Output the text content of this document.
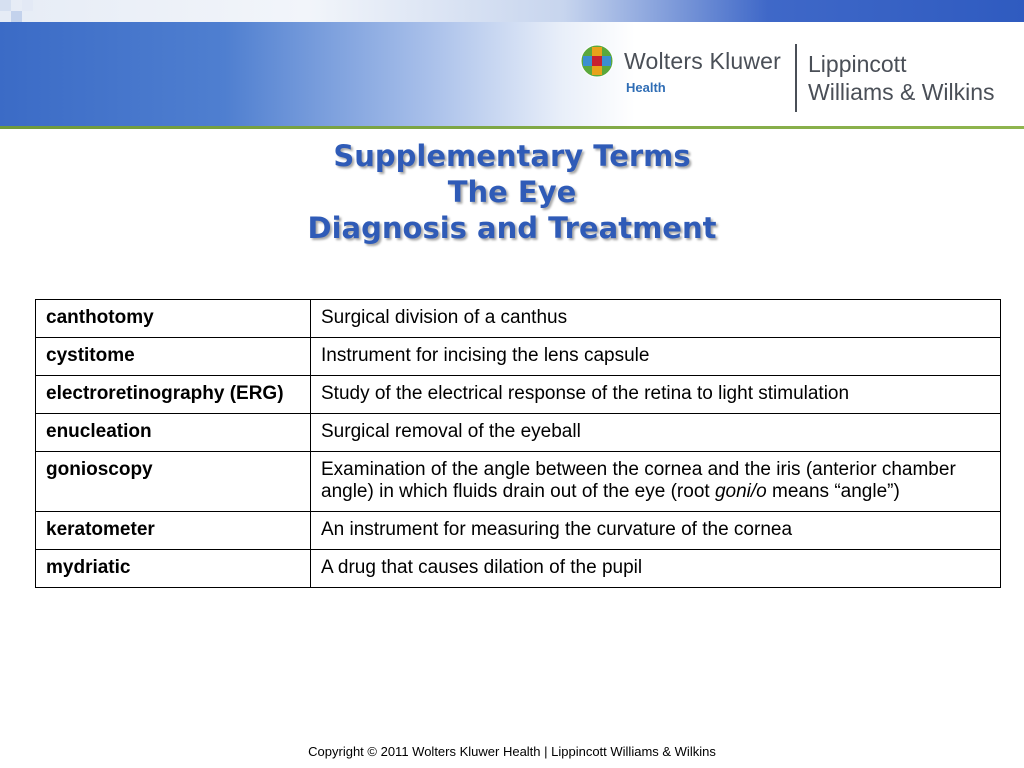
Wolters Kluwer
Health
Lippincott
Williams & Wilkins
Supplementary Terms
The Eye
Diagnosis and Treatment
canthotomy	Surgical division of a canthus
cystitome	Instrument for incising the lens capsule
electroretinography (ERG)	Study of the electrical response of the retina to light stimulation
enucleation	Surgical removal of the eyeball
gonioscopy	Examination of the angle between the cornea and the iris (anterior chamber angle) in which fluids drain out of the eye (root goni/o means “angle”)
keratometer	An instrument for measuring the curvature of the cornea
mydriatic	A drug that causes dilation of the pupil
Copyright © 2011 Wolters Kluwer Health | Lippincott Williams & Wilkins
